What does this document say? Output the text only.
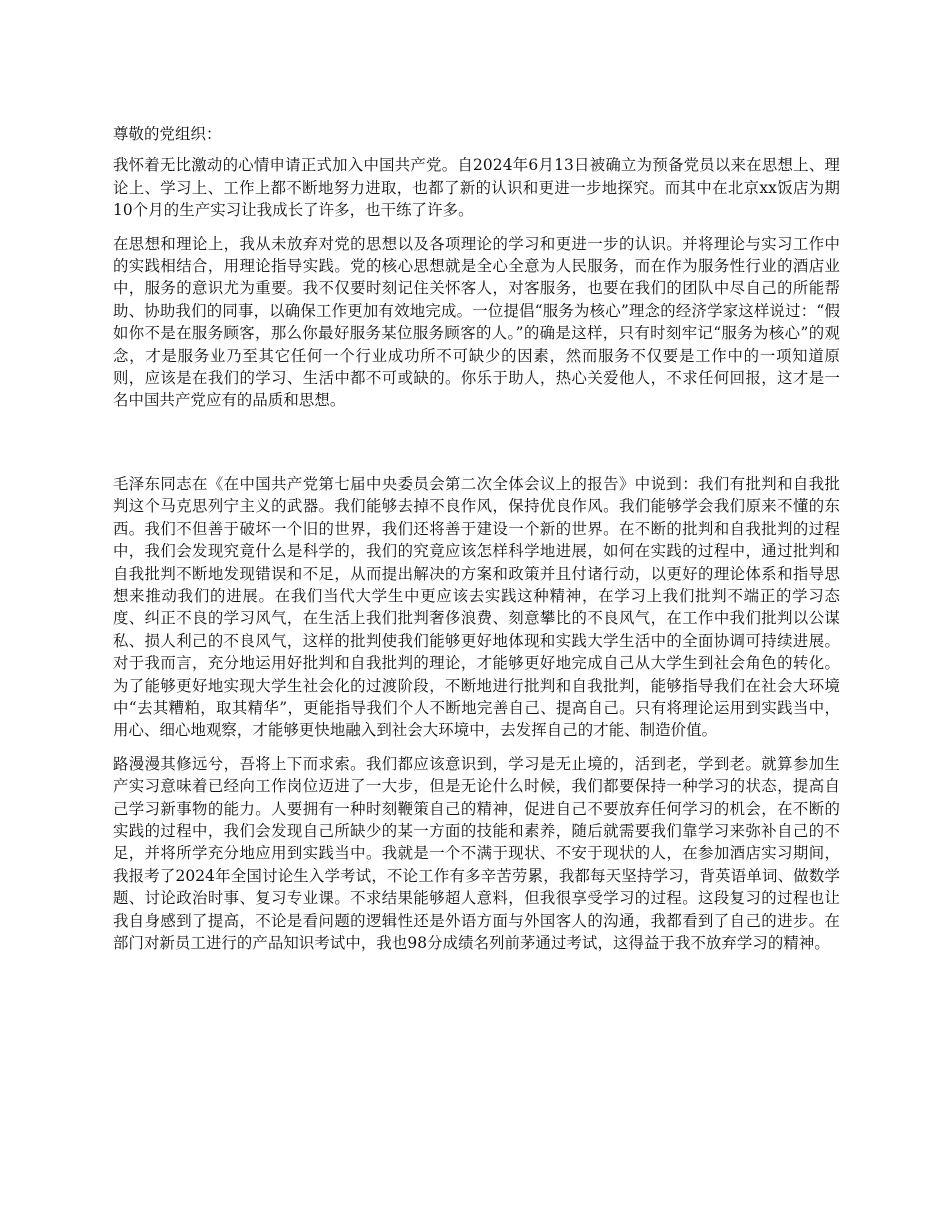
尊敬的党组织：

我怀着无比激动的心情申请正式加入中国共产党。自2024年6月13日被确立为预备党员以来在思想上、理论上、学习上、工作上都不断地努力进取，也都了新的认识和更进一步地探究。而其中在北京xx饭店为期10个月的生产实习让我成长了许多，也干练了许多。

在思想和理论上，我从未放弃对党的思想以及各项理论的学习和更进一步的认识。并将理论与实习工作中的实践相结合，用理论指导实践。党的核心思想就是全心全意为人民服务，而在作为服务性行业的酒店业中，服务的意识尤为重要。我不仅要时刻记住关怀客人，对客服务，也要在我们的团队中尽自己的所能帮助、协助我们的同事，以确保工作更加有效地完成。一位提倡“服务为核心”理念的经济学家这样说过：“假如你不是在服务顾客，那么你最好服务某位服务顾客的人。”的确是这样，只有时刻牢记“服务为核心”的观念，才是服务业乃至其它任何一个行业成功所不可缺少的因素，然而服务不仅要是工作中的一项知道原则，应该是在我们的学习、生活中都不可或缺的。你乐于助人，热心关爱他人，不求任何回报，这才是一名中国共产党应有的品质和思想。

毛泽东同志在《在中国共产党第七届中央委员会第二次全体会议上的报告》中说到：我们有批判和自我批判这个马克思列宁主义的武器。我们能够去掉不良作风，保持优良作风。我们能够学会我们原来不懂的东西。我们不但善于破坏一个旧的世界，我们还将善于建设一个新的世界。在不断的批判和自我批判的过程中，我们会发现究竟什么是科学的，我们的究竟应该怎样科学地进展，如何在实践的过程中，通过批判和自我批判不断地发现错误和不足，从而提出解决的方案和政策并且付诸行动，以更好的理论体系和指导思想来推动我们的进展。在我们当代大学生中更应该去实践这种精神，在学习上我们批判不端正的学习态度、纠正不良的学习风气，在生活上我们批判奢侈浪费、刻意攀比的不良风气，在工作中我们批判以公谋私、损人利己的不良风气，这样的批判使我们能够更好地体现和实践大学生活中的全面协调可持续进展。对于我而言，充分地运用好批判和自我批判的理论，才能够更好地完成自己从大学生到社会角色的转化。为了能够更好地实现大学生社会化的过渡阶段，不断地进行批判和自我批判，能够指导我们在社会大环境中“去其糟粕，取其精华”，更能指导我们个人不断地完善自己、提高自己。只有将理论运用到实践当中，用心、细心地观察，才能够更快地融入到社会大环境中，去发挥自己的才能、制造价值。

路漫漫其修远兮，吾将上下而求索。我们都应该意识到，学习是无止境的，活到老，学到老。就算参加生产实习意味着已经向工作岗位迈进了一大步，但是无论什么时候，我们都要保持一种学习的状态，提高自己学习新事物的能力。人要拥有一种时刻鞭策自己的精神，促进自己不要放弃任何学习的机会，在不断的实践的过程中，我们会发现自己所缺少的某一方面的技能和素养，随后就需要我们靠学习来弥补自己的不足，并将所学充分地应用到实践当中。我就是一个不满于现状、不安于现状的人，在参加酒店实习期间，我报考了2024年全国讨论生入学考试，不论工作有多辛苦劳累，我都每天坚持学习，背英语单词、做数学题、讨论政治时事、复习专业课。不求结果能够超人意料，但我很享受学习的过程。这段复习的过程也让我自身感到了提高，不论是看问题的逻辑性还是外语方面与外国客人的沟通，我都看到了自己的进步。在部门对新员工进行的产品知识考试中，我也98分成绩名列前茅通过考试，这得益于我不放弃学习的精神。
